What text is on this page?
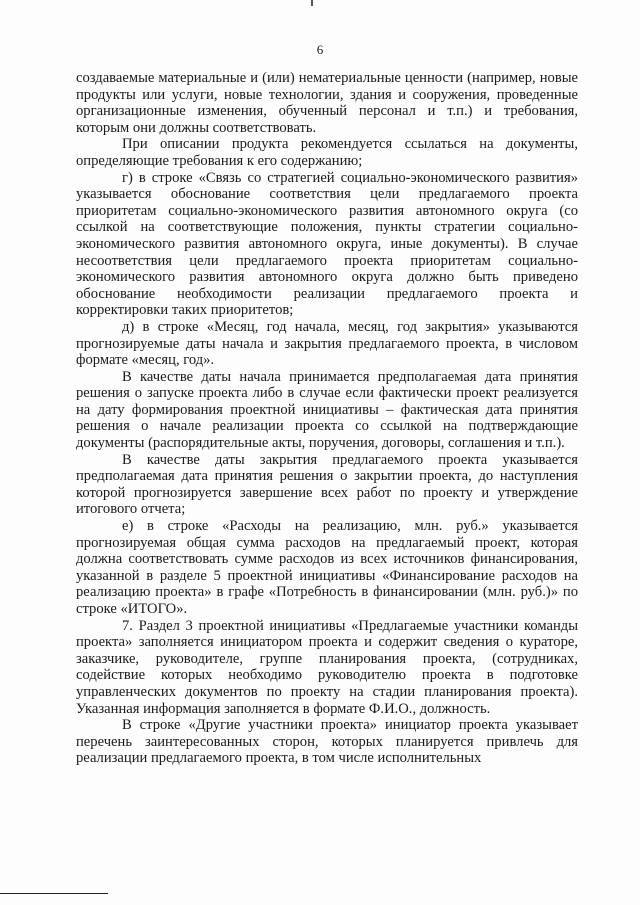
6

создаваемые материальные и (или) нематериальные ценности (например, новые продукты или услуги, новые технологии, здания и сооружения, проведенные организационные изменения, обученный персонал и т.п.) и требования, которым они должны соответствовать.

При описании продукта рекомендуется ссылаться на документы, определяющие требования к его содержанию;

г) в строке «Связь со стратегией социально-экономического развития» указывается обоснование соответствия цели предлагаемого проекта приоритетам социально-экономического развития автономного округа (со ссылкой на соответствующие положения, пункты стратегии социально-экономического развития автономного округа, иные документы). В случае несоответствия цели предлагаемого проекта приоритетам социально-экономического развития автономного округа должно быть приведено обоснование необходимости реализации предлагаемого проекта и корректировки таких приоритетов;

д) в строке «Месяц, год начала, месяц, год закрытия» указываются прогнозируемые даты начала и закрытия предлагаемого проекта, в числовом формате «месяц, год».

В качестве даты начала принимается предполагаемая дата принятия решения о запуске проекта либо в случае если фактически проект реализуется на дату формирования проектной инициативы – фактическая дата принятия решения о начале реализации проекта со ссылкой на подтверждающие документы (распорядительные акты, поручения, договоры, соглашения и т.п.).

В качестве даты закрытия предлагаемого проекта указывается предполагаемая дата принятия решения о закрытии проекта, до наступления которой прогнозируется завершение всех работ по проекту и утверждение итогового отчета;

е) в строке «Расходы на реализацию, млн. руб.» указывается прогнозируемая общая сумма расходов на предлагаемый проект, которая должна соответствовать сумме расходов из всех источников финансирования, указанной в разделе 5 проектной инициативы «Финансирование расходов на реализацию проекта» в графе «Потребность в финансировании (млн. руб.)» по строке «ИТОГО».

7. Раздел 3 проектной инициативы «Предлагаемые участники команды проекта» заполняется инициатором проекта и содержит сведения о кураторе, заказчике, руководителе, группе планирования проекта, (сотрудниках, содействие которых необходимо руководителю проекта в подготовке управленческих документов по проекту на стадии планирования проекта). Указанная информация заполняется в формате Ф.И.О., должность.

В строке «Другие участники проекта» инициатор проекта указывает перечень заинтересованных сторон, которых планируется привлечь для реализации предлагаемого проекта, в том числе исполнительных
